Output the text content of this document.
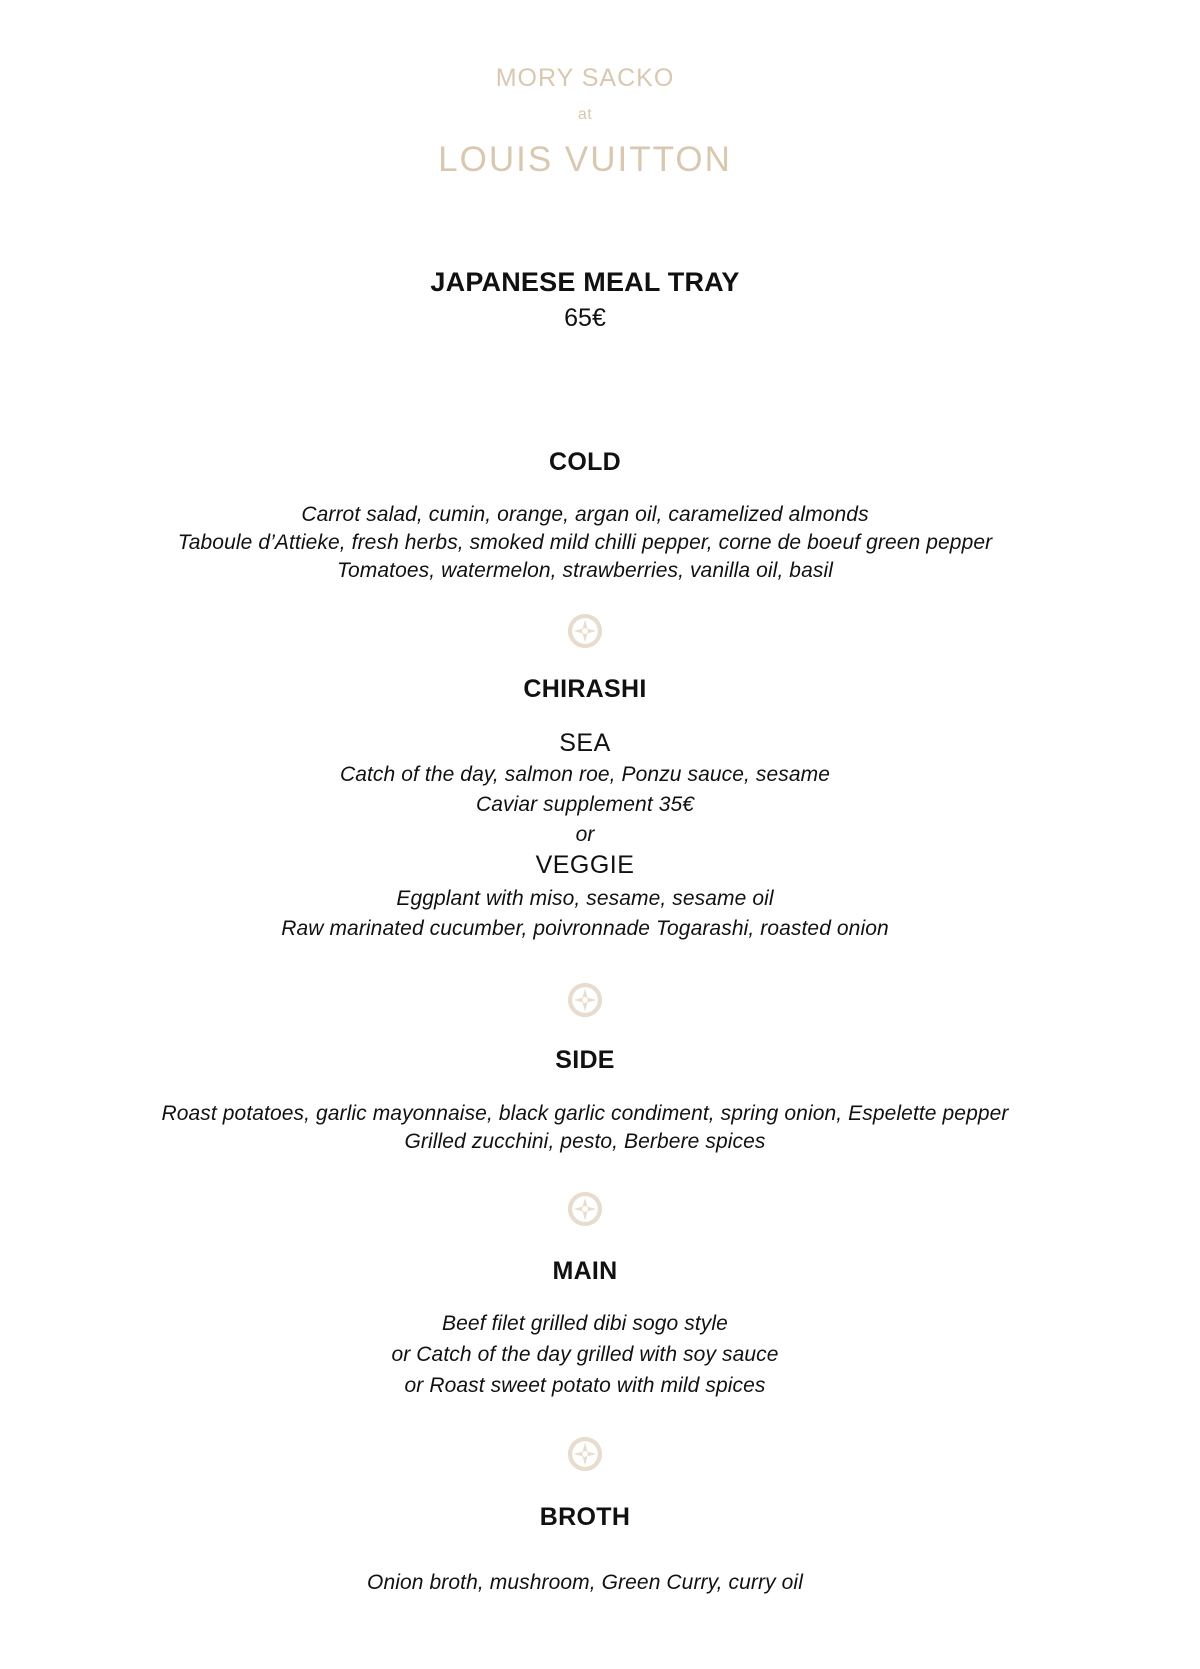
MORY SACKO
at
LOUIS VUITTON
JAPANESE MEAL TRAY
65€
COLD
Carrot salad, cumin, orange, argan oil, caramelized almonds
Taboule d’Attieke, fresh herbs, smoked mild chilli pepper, corne de boeuf green pepper
Tomatoes, watermelon, strawberries, vanilla oil, basil
CHIRASHI
SEA
Catch of the day, salmon roe, Ponzu sauce, sesame
Caviar supplement 35€
or
VEGGIE
Eggplant with miso, sesame, sesame oil
Raw marinated cucumber, poivronnade Togarashi, roasted onion
SIDE
Roast potatoes, garlic mayonnaise, black garlic condiment, spring onion, Espelette pepper
Grilled zucchini, pesto, Berbere spices
MAIN
Beef filet grilled dibi sogo style
or Catch of the day grilled with soy sauce
or Roast sweet potato with mild spices
BROTH
Onion broth, mushroom, Green Curry, curry oil
